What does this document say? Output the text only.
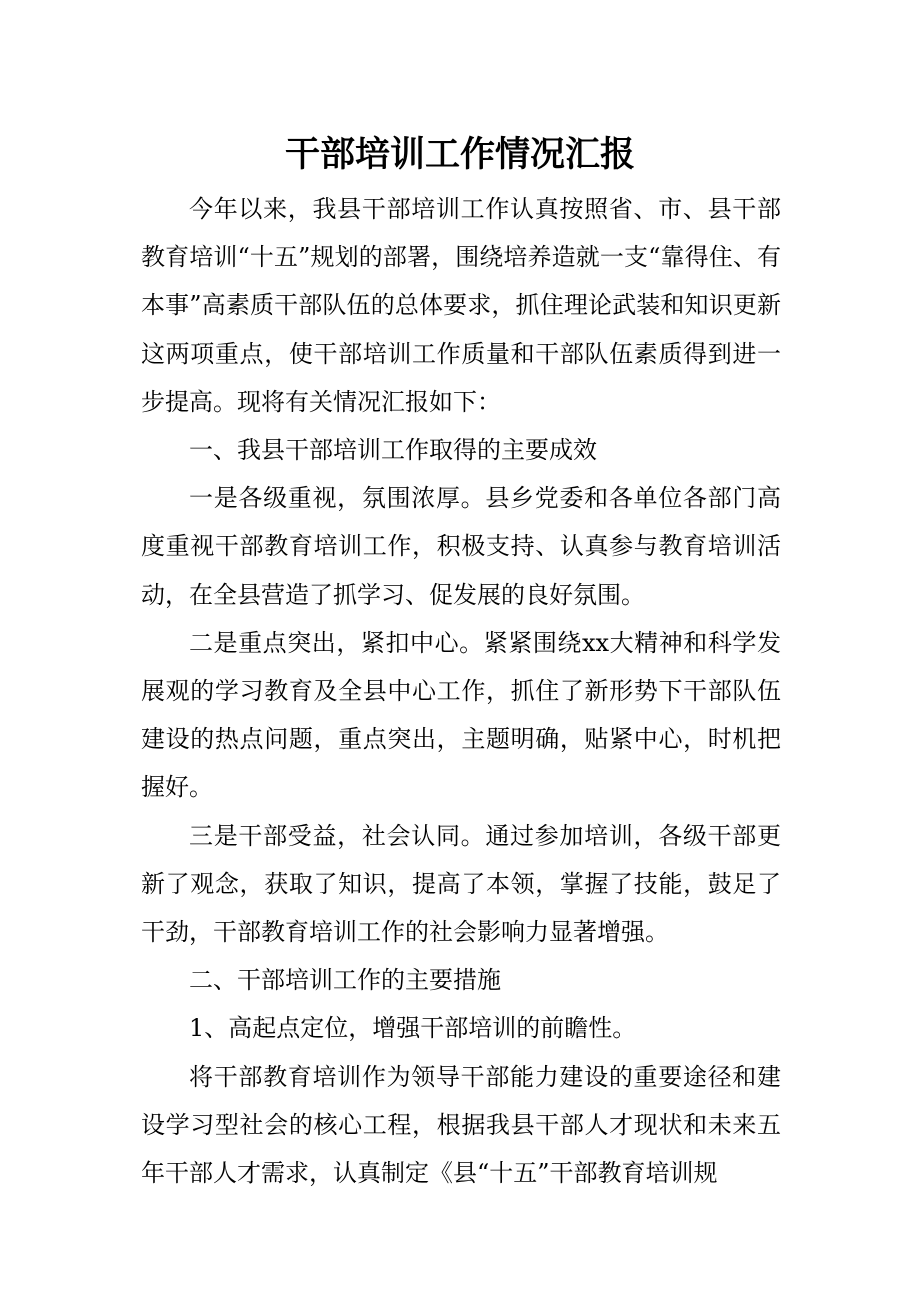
干部培训工作情况汇报

今年以来，我县干部培训工作认真按照省、市、县干部教育培训“十五”规划的部署，围绕培养造就一支“靠得住、有本事”高素质干部队伍的总体要求，抓住理论武装和知识更新这两项重点，使干部培训工作质量和干部队伍素质得到进一步提高。现将有关情况汇报如下：

一、我县干部培训工作取得的主要成效

一是各级重视，氛围浓厚。县乡党委和各单位各部门高度重视干部教育培训工作，积极支持、认真参与教育培训活动，在全县营造了抓学习、促发展的良好氛围。

二是重点突出，紧扣中心。紧紧围绕xx大精神和科学发展观的学习教育及全县中心工作，抓住了新形势下干部队伍建设的热点问题，重点突出，主题明确，贴紧中心，时机把握好。

三是干部受益，社会认同。通过参加培训，各级干部更新了观念，获取了知识，提高了本领，掌握了技能，鼓足了干劲，干部教育培训工作的社会影响力显著增强。

二、干部培训工作的主要措施

1、高起点定位，增强干部培训的前瞻性。

将干部教育培训作为领导干部能力建设的重要途径和建设学习型社会的核心工程，根据我县干部人才现状和未来五年干部人才需求，认真制定《县“十五”干部教育培训规
